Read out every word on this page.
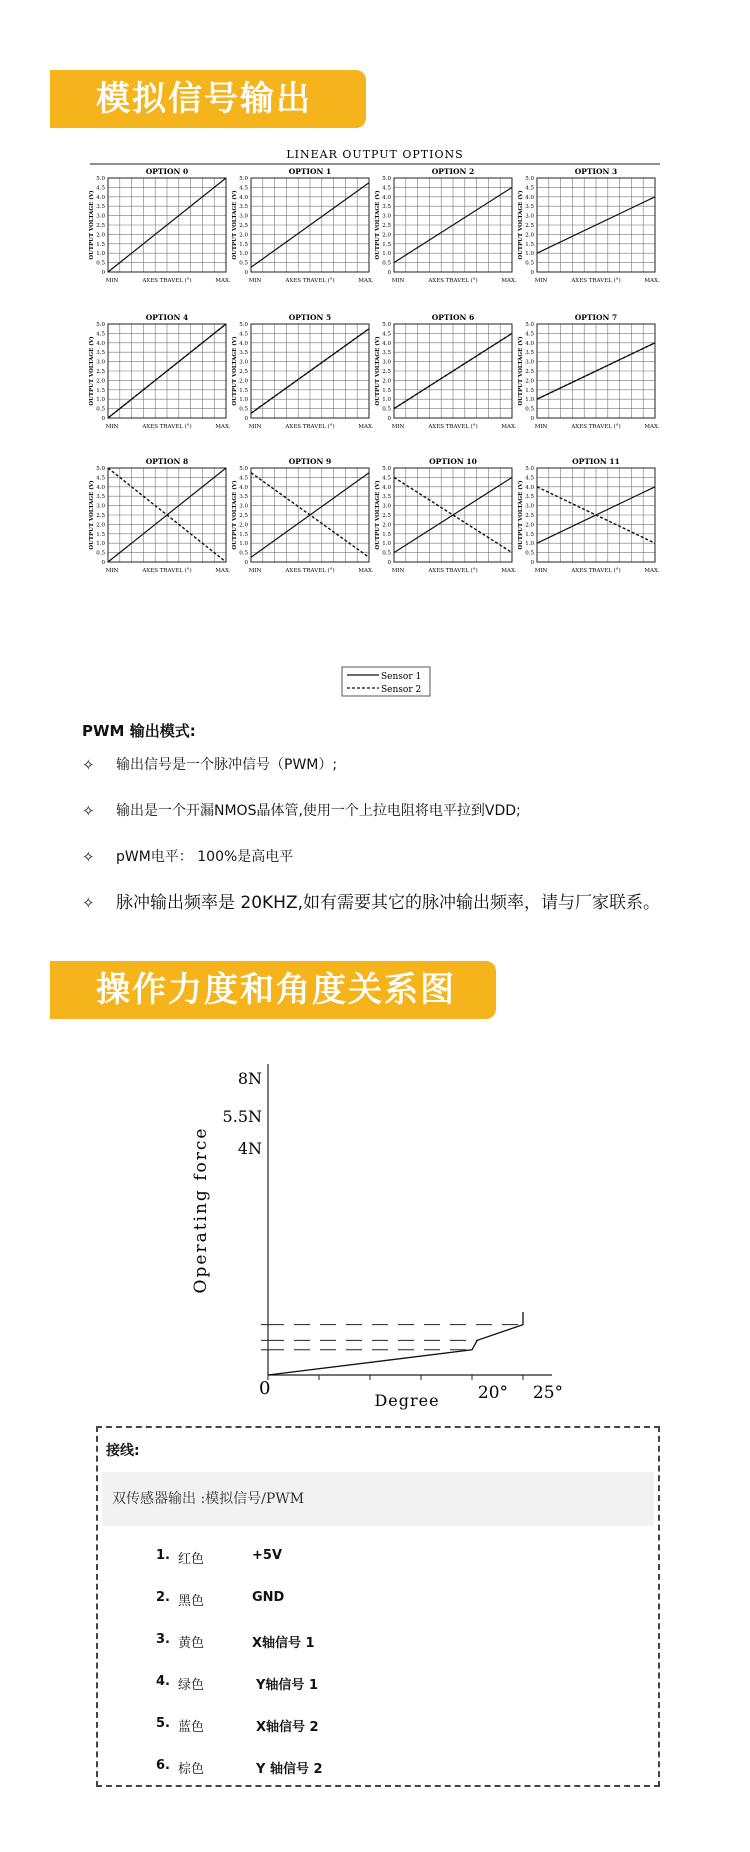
模拟信号输出
LINEAR OUTPUT OPTIONS
OPTION 0
0
0.5
1.0
1.5
2.0
2.5
3.0
3.5
4.0
4.5
5.0
OUTPUT VOLTAGE (V)
MIN	AXES TRAVEL (°)	MAX.
OPTION 1
0
0.5
1.0
1.5
2.0
2.5
3.0
3.5
4.0
4.5
5.0
OUTPUT VOLTAGE (V)
MIN	AXES TRAVEL (°)	MAX.
OPTION 2
0
0.5
1.0
1.5
2.0
2.5
3.0
3.5
4.0
4.5
5.0
OUTPUT VOLTAGE (V)
MIN	AXES TRAVEL (°)	MAX.
OPTION 3
0
0.5
1.0
1.5
2.0
2.5
3.0
3.5
4.0
4.5
5.0
OUTPUT VOLTAGE (V)
MIN	AXES TRAVEL (°)	MAX.
OPTION 4
0
0.5
1.0
1.5
2.0
2.5
3.0
3.5
4.0
4.5
5.0
OUTPUT VOLTAGE (V)
MIN	AXES TRAVEL (°)	MAX.
OPTION 5
0
0.5
1.0
1.5
2.0
2.5
3.0
3.5
4.0
4.5
5.0
OUTPUT VOLTAGE (V)
MIN	AXES TRAVEL (°)	MAX.
OPTION 6
0
0.5
1.0
1.5
2.0
2.5
3.0
3.5
4.0
4.5
5.0
OUTPUT VOLTAGE (V)
MIN	AXES TRAVEL (°)	MAX.
OPTION 7
0
0.5
1.0
1.5
2.0
2.5
3.0
3.5
4.0
4.5
5.0
OUTPUT VOLTAGE (V)
MIN	AXES TRAVEL (°)	MAX.
OPTION 8
0
0.5
1.0
1.5
2.0
2.5
3.0
3.5
4.0
4.5
5.0
OUTPUT VOLTAGE (V)
MIN	AXES TRAVEL (°)	MAX.
OPTION 9
0
0.5
1.0
1.5
2.0
2.5
3.0
3.5
4.0
4.5
5.0
OUTPUT VOLTAGE (V)
MIN	AXES TRAVEL (°)	MAX.
OPTION 10
0
0.5
1.0
1.5
2.0
2.5
3.0
3.5
4.0
4.5
5.0
OUTPUT VOLTAGE (V)
MIN	AXES TRAVEL (°)	MAX.
OPTION 11
0
0.5
1.0
1.5
2.0
2.5
3.0
3.5
4.0
4.5
5.0
OUTPUT VOLTAGE (V)
MIN	AXES TRAVEL (°)	MAX.
Sensor 1
Sensor 2
PWM 输出模式:
✧ 输出信号是一个脉冲信号（PWM）;
✧ 输出是一个开漏NMOS晶体管,使用一个上拉电阻将电平拉到VDD;
✧ pWM电平： 100%是高电平
✧ 脉冲输出频率是 20KHZ,如有需要其它的脉冲输出频率，请与厂家联系。
操作力度和角度关系图
Operating force
8N
5.5N
4N
0
Degree 20° 25°
接线:
双传感器输出 :模拟信号/PWM
1. 红色	+5V
2. 黑色	GND
3. 黄色	X轴信号 1
4. 绿色	Y轴信号 1
5. 蓝色	X轴信号 2
6. 棕色	Y 轴信号 2
